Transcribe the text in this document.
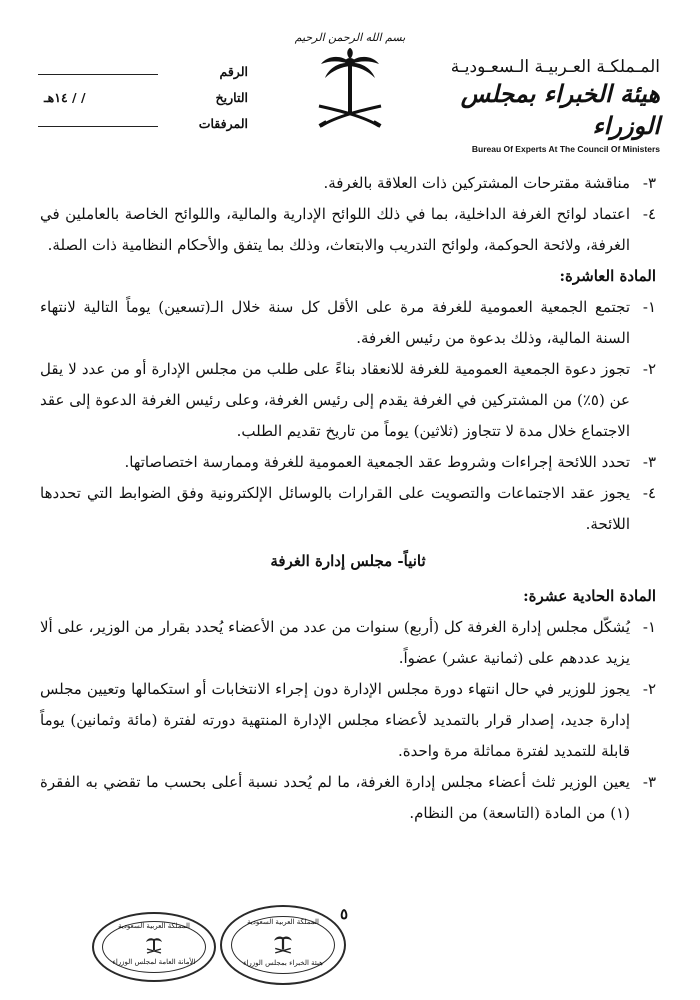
المـملكـة العـربيـة الـسعـوديـة
هيئة الخبراء بمجلس الوزراء
Bureau Of Experts At The Council Of Ministers
بسم الله الرحمن الرحيم
الرقم
التاريخ
/ / ١٤هـ
المرفقات

٣-
مناقشة مقترحات المشتركين ذات العلاقة بالغرفة.

٤-
اعتماد لوائح الغرفة الداخلية، بما في ذلك اللوائح الإدارية والمالية، واللوائح الخاصة بالعاملين في الغرفة، ولائحة الحوكمة، ولوائح التدريب والابتعاث، وذلك بما يتفق والأحكام النظامية ذات الصلة.

المادة العاشرة:

١-
تجتمع الجمعية العمومية للغرفة مرة على الأقل كل سنة خلال الـ(تسعين) يوماً التالية لانتهاء السنة المالية، وذلك بدعوة من رئيس الغرفة.

٢-
تجوز دعوة الجمعية العمومية للغرفة للانعقاد بناءً على طلب من مجلس الإدارة أو من عدد لا يقل عن (٥٪) من المشتركين في الغرفة يقدم إلى رئيس الغرفة، وعلى رئيس الغرفة الدعوة إلى عقد الاجتماع خلال مدة لا تتجاوز (ثلاثين) يوماً من تاريخ تقديم الطلب.

٣-
تحدد اللائحة إجراءات وشروط عقد الجمعية العمومية للغرفة وممارسة اختصاصاتها.

٤-
يجوز عقد الاجتماعات والتصويت على القرارات بالوسائل الإلكترونية وفق الضوابط التي تحددها اللائحة.

ثانياً- مجلس إدارة الغرفة

المادة الحادية عشرة:

١-
يُشكّل مجلس إدارة الغرفة كل (أربع) سنوات من عدد من الأعضاء يُحدد بقرار من الوزير، على ألا يزيد عددهم على (ثمانية عشر) عضواً.

٢-
يجوز للوزير في حال انتهاء دورة مجلس الإدارة دون إجراء الانتخابات أو استكمالها وتعيين مجلس إدارة جديد، إصدار قرار بالتمديد لأعضاء مجلس الإدارة المنتهية دورته لفترة (مائة وثمانين) يوماً قابلة للتمديد لفترة مماثلة مرة واحدة.

٣-
يعين الوزير ثلث أعضاء مجلس إدارة الغرفة، ما لم يُحدد نسبة أعلى بحسب ما تقضي به الفقرة (١) من المادة (التاسعة) من النظام.

٥
المملكة العربية السعودية
الأمانة العامة لمجلس الوزراء
المملكة العربية السعودية
هيئة الخبراء بمجلس الوزراء
